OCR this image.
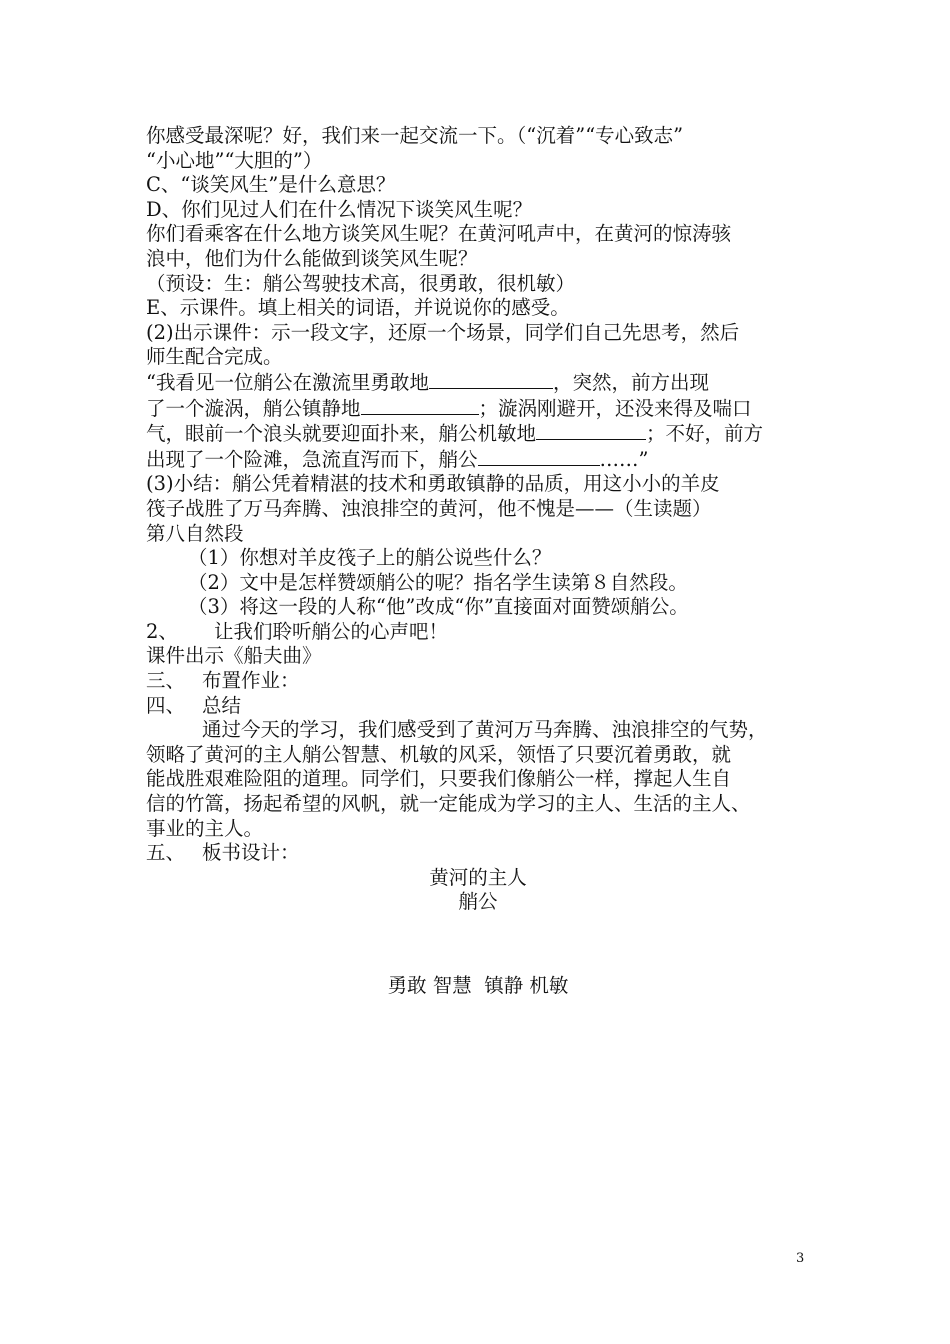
你感受最深呢？好，我们来一起交流一下。（“沉着”“专心致志”
“小心地”“大胆的”）
C、“谈笑风生”是什么意思？
D、你们见过人们在什么情况下谈笑风生呢？
你们看乘客在什么地方谈笑风生呢？在黄河吼声中，在黄河的惊涛骇
浪中，他们为什么能做到谈笑风生呢？
（预设：生：艄公驾驶技术高，很勇敢，很机敏）
E、示课件。填上相关的词语，并说说你的感受。
(2)出示课件：示一段文字，还原一个场景，同学们自己先思考，然后
师生配合完成。
“我看见一位艄公在激流里勇敢地	，突然，前方出现
了一个漩涡，艄公镇静地	；漩涡刚避开，还没来得及喘口
气，眼前一个浪头就要迎面扑来，艄公机敏地	；不好，前方
出现了一个险滩，急流直泻而下，艄公	……”
(3)小结：艄公凭着精湛的技术和勇敢镇静的品质，用这小小的羊皮
筏子战胜了万马奔腾、浊浪排空的黄河，他不愧是——（生读题）
第八自然段
（1）你想对羊皮筏子上的艄公说些什么？
（2）文中是怎样赞颂艄公的呢？指名学生读第８自然段。
（3）将这一段的人称“他”改成“你”直接面对面赞颂艄公。
2、 让我们聆听艄公的心声吧！
课件出示《船夫曲》
三、 布置作业：
四、 总结
通过今天的学习，我们感受到了黄河万马奔腾、浊浪排空的气势，
领略了黄河的主人艄公智慧、机敏的风采，领悟了只要沉着勇敢，就
能战胜艰难险阻的道理。同学们，只要我们像艄公一样，撑起人生自
信的竹篙，扬起希望的风帆，就一定能成为学习的主人、生活的主人、
事业的主人。
五、 板书设计：
黄河的主人
艄公
勇敢 智慧  镇静 机敏
3
